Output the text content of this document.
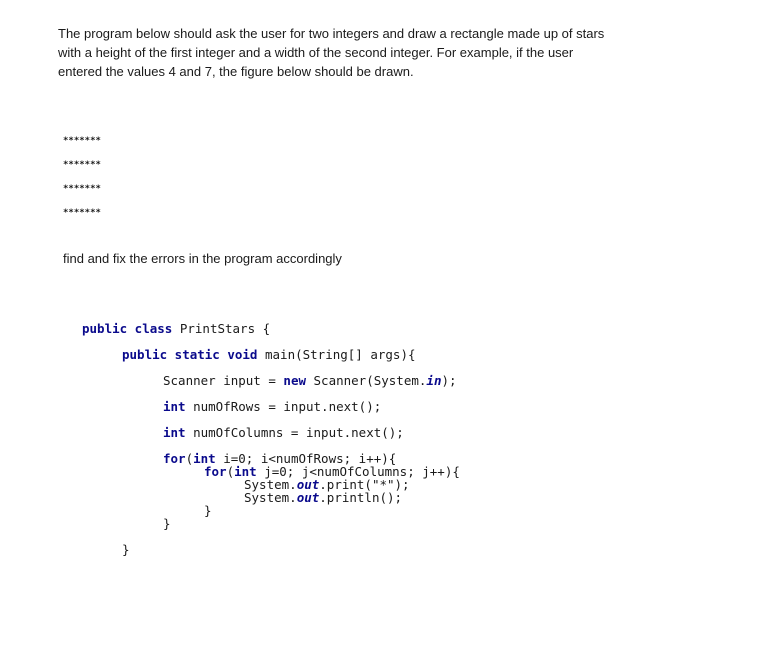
The program below should ask the user for two integers and draw a rectangle made up of stars
with a height of the first integer and a width of the second integer. For example, if the user
entered the values 4 and 7, the figure below should be drawn.
*******
*******
*******
*******
find and fix the errors in the program accordingly

public class PrintStars {

public static void main(String[] args){

Scanner input = new Scanner(System.in);

int numOfRows = input.next();

int numOfColumns = input.next();

for(int i=0; i<numOfRows; i++){

for(int j=0; j<numOfColumns; j++){

System.out.print("*");

System.out.println();

}

}

}
